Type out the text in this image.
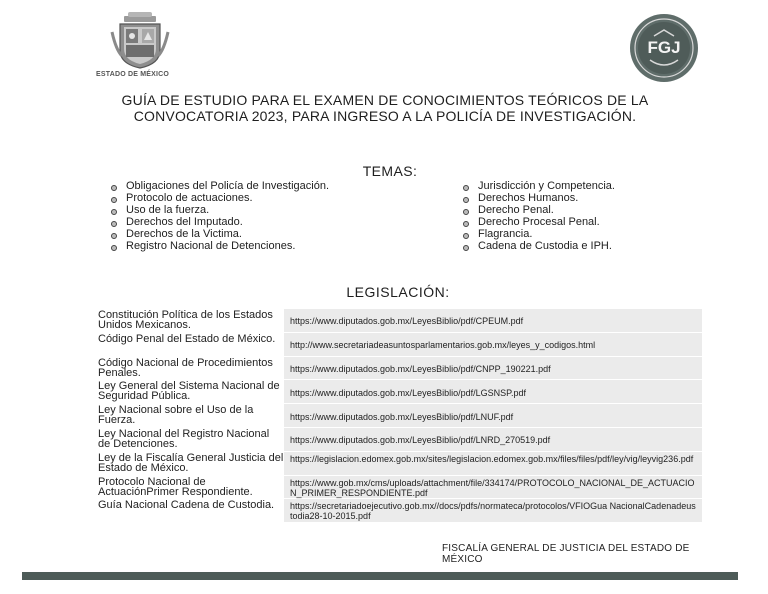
ESTADO DE MÉXICO
FGJ
GUÍA DE ESTUDIO PARA EL EXAMEN DE CONOCIMIENTOS TEÓRICOS DE LA CONVOCATORIA 2023, PARA INGRESO A LA POLICÍA DE INVESTIGACIÓN.
TEMAS:
Obligaciones del Policía de Investigación.
Protocolo de actuaciones.
Uso de la fuerza.
Derechos del Imputado.
Derechos de la Victima.
Registro Nacional de Detenciones.
Jurisdicción y Competencia.
Derechos Humanos.
Derecho Penal.
Derecho Procesal Penal.
Flagrancia.
Cadena de Custodia e IPH.
LEGISLACIÓN:
Constitución Política de los Estados Unidos Mexicanos.	https://www.diputados.gob.mx/LeyesBiblio/pdf/CPEUM.pdf
Código Penal del Estado de México.
http://www.secretariadeasuntosparlamentarios.gob.mx/leyes_y_codigos.html
Código Nacional de Procedimientos Penales.	https://www.diputados.gob.mx/LeyesBiblio/pdf/CNPP_190221.pdf
Ley General del Sistema Nacional de Seguridad Pública.	https://www.diputados.gob.mx/LeyesBiblio/pdf/LGSNSP.pdf
Ley Nacional sobre el Uso de la Fuerza.	https://www.diputados.gob.mx/LeyesBiblio/pdf/LNUF.pdf
Ley Nacional del Registro Nacional de Detenciones.	https://www.diputados.gob.mx/LeyesBiblio/pdf/LNRD_270519.pdf
Ley de la Fiscalía General Justicia del Estado de México.
https://legislacion.edomex.gob.mx/sites/legislacion.edomex.gob.mx/files/files/pdf/ley/vig/leyvig236.pdf
Protocolo Nacional de ActuaciónPrimer Respondiente.
https://www.gob.mx/cms/uploads/attachment/file/334174/PROTOCOLO_NACIONAL_DE_ACTUACION_PRIMER_RESPONDIENTE.pdf
Guía Nacional Cadena de Custodia.	https://secretariadoejecutivo.gob.mx//docs/pdfs/normateca/protocolos/VFIOGua NacionalCadenadeustodia28-10-2015.pdf
FISCALÍA GENERAL DE JUSTICIA DEL ESTADO DE MÉXICO
